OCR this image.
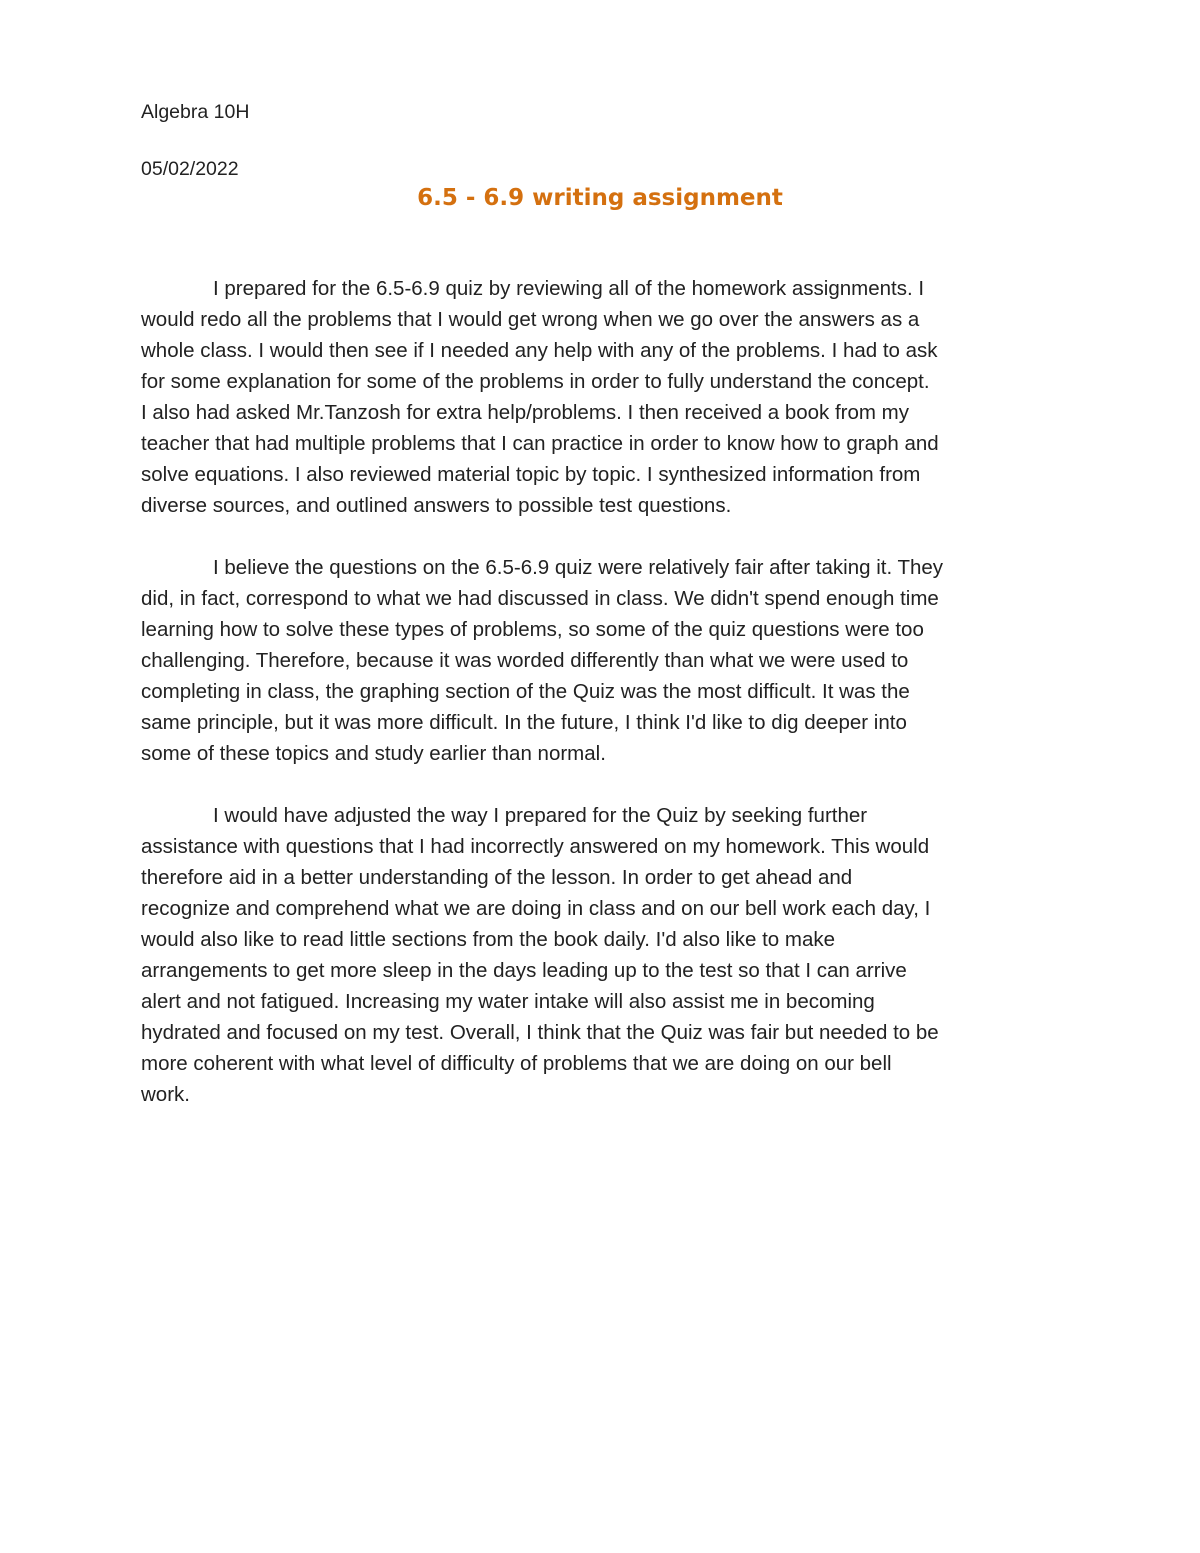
Algebra 10H

05/02/2022

6.5 - 6.9 writing assignment

I prepared for the 6.5-6.9 quiz by reviewing all of the homework assignments. I
would redo all the problems that I would get wrong when we go over the answers as a
whole class. I would then see if I needed any help with any of the problems. I had to ask
for some explanation for some of the problems in order to fully understand the concept.
I also had asked Mr.Tanzosh for extra help/problems. I then received a book from my
teacher that had multiple problems that I can practice in order to know how to graph and
solve equations. I also reviewed material topic by topic. I synthesized information from
diverse sources, and outlined answers to possible test questions.

I believe the questions on the 6.5-6.9 quiz were relatively fair after taking it. They
did, in fact, correspond to what we had discussed in class. We didn't spend enough time
learning how to solve these types of problems, so some of the quiz questions were too
challenging. Therefore, because it was worded differently than what we were used to
completing in class, the graphing section of the Quiz was the most difficult. It was the
same principle, but it was more difficult. In the future, I think I'd like to dig deeper into
some of these topics and study earlier than normal.

I would have adjusted the way I prepared for the Quiz by seeking further
assistance with questions that I had incorrectly answered on my homework. This would
therefore aid in a better understanding of the lesson. In order to get ahead and
recognize and comprehend what we are doing in class and on our bell work each day, I
would also like to read little sections from the book daily. I'd also like to make
arrangements to get more sleep in the days leading up to the test so that I can arrive
alert and not fatigued. Increasing my water intake will also assist me in becoming
hydrated and focused on my test. Overall, I think that the Quiz was fair but needed to be
more coherent with what level of difficulty of problems that we are doing on our bell
work.
